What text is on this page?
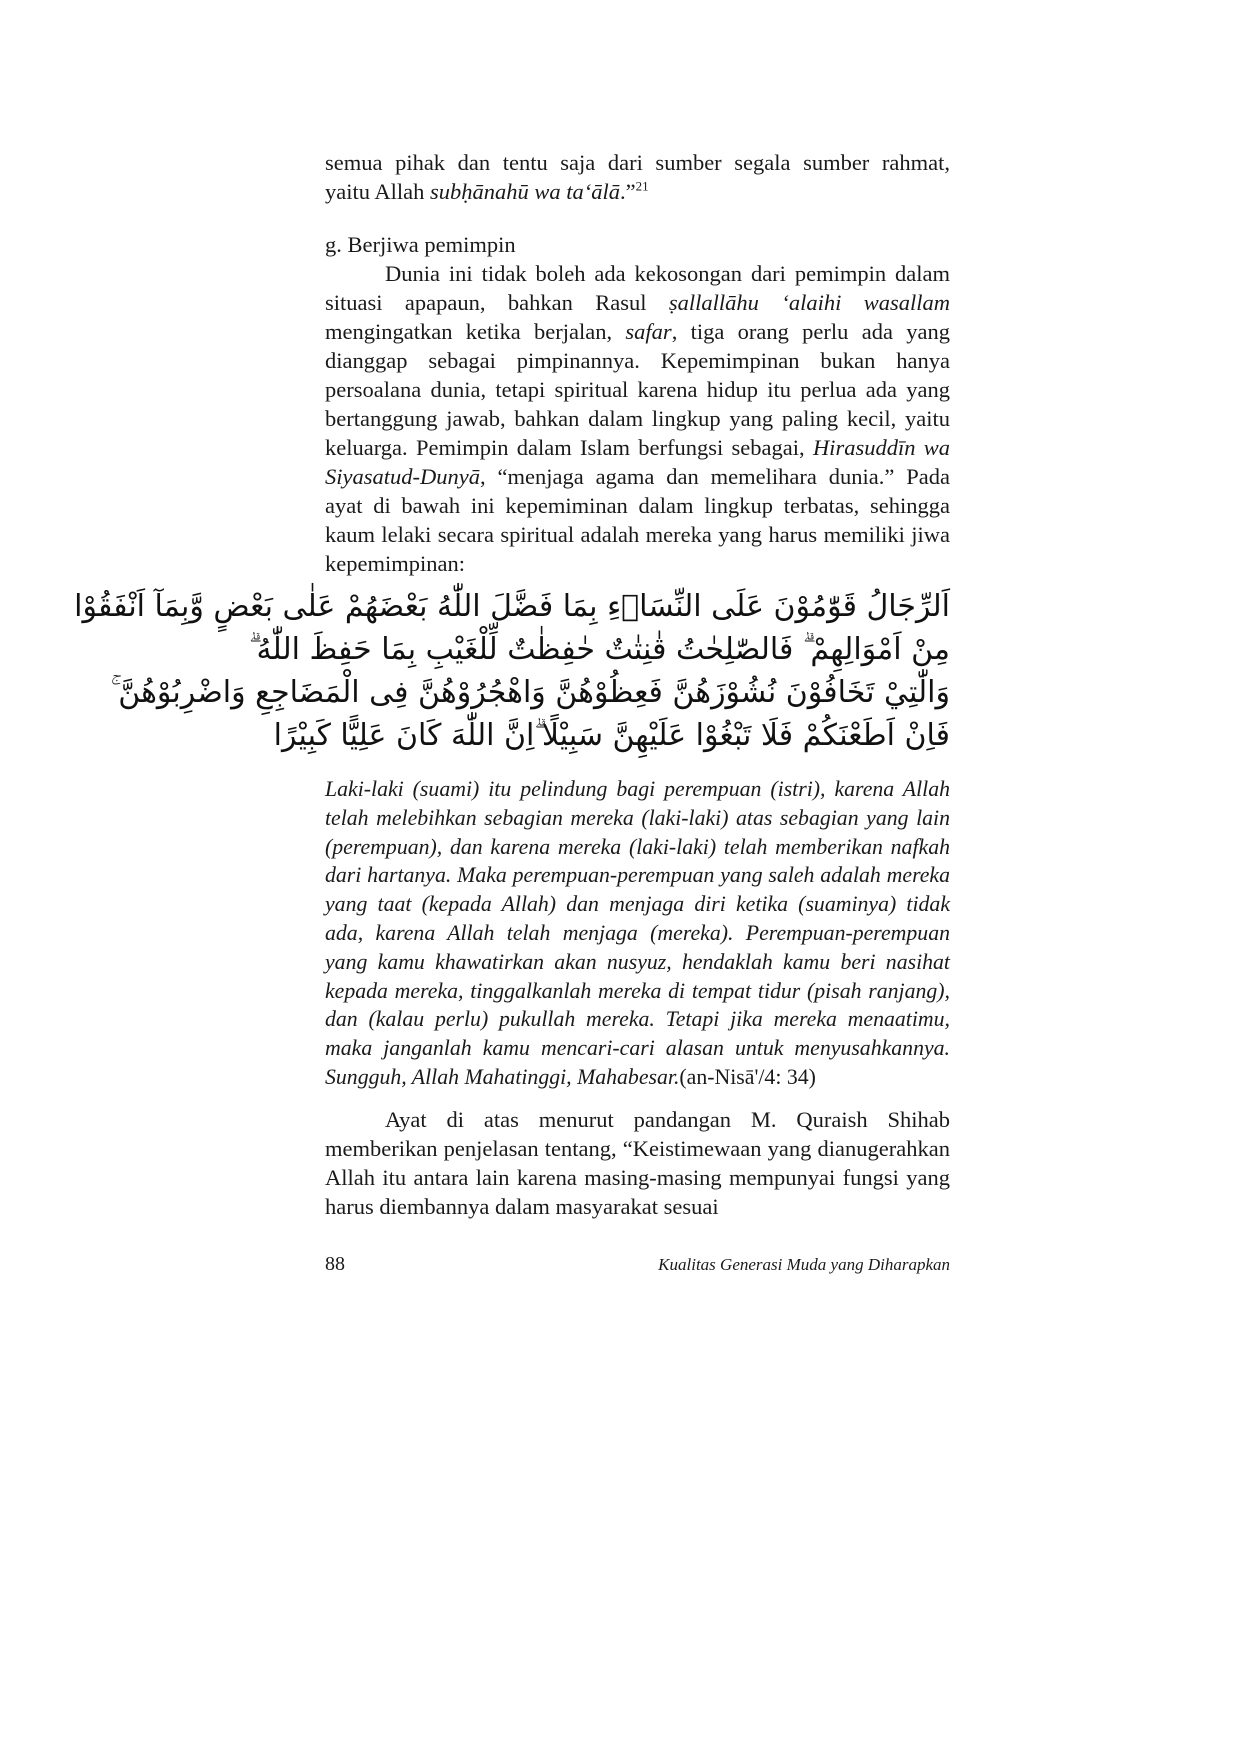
semua pihak dan tentu saja dari sumber segala sumber rahmat,

yaitu Allah subḥānahū wa ta‘ālā.”$^{21}$

g. Berjiwa pemimpin

Dunia ini tidak boleh ada kekosongan dari pemimpin dalam situasi apapaun, bahkan Rasul ṣallallāhu ‘alaihi wasallam mengingatkan ketika berjalan, safar, tiga orang perlu ada yang dianggap sebagai pimpinannya. Kepemimpinan bukan hanya persoalana dunia, tetapi spiritual karena hidup itu perlua ada yang bertanggung jawab, bahkan dalam lingkup yang paling kecil, yaitu keluarga. Pemimpin dalam Islam berfungsi sebagai, Hirasuddīn wa Siyasatud-Dunyā, “menjaga agama dan memelihara dunia.” Pada ayat di bawah ini kepemiminan dalam lingkup terbatas, sehingga kaum lelaki secara spiritual adalah mereka yang harus memiliki jiwa kepemimpinan:

اَلرِّجَالُ قَوّٰمُوْنَ عَلَى النِّسَاۤءِ بِمَا فَضَّلَ اللّٰهُ بَعْضَهُمْ عَلٰى بَعْضٍ وَّبِمَآ اَنْفَقُوْا
مِنْ اَمْوَالِهِمْ ۗ فَالصّٰلِحٰتُ قٰنِتٰتٌ حٰفِظٰتٌ لِّلْغَيْبِ بِمَا حَفِظَ اللّٰهُ ۗ
وَالّٰتِيْ تَخَافُوْنَ نُشُوْزَهُنَّ فَعِظُوْهُنَّ وَاهْجُرُوْهُنَّ فِى الْمَضَاجِعِ وَاضْرِبُوْهُنَّ ۚ
فَاِنْ اَطَعْنَكُمْ فَلَا تَبْغُوْا عَلَيْهِنَّ سَبِيْلًا ۗاِنَّ اللّٰهَ كَانَ عَلِيًّا كَبِيْرًا
Laki-laki (suami) itu pelindung bagi perempuan (istri), karena Allah telah melebihkan sebagian mereka (laki-laki) atas sebagian yang lain (perempuan), dan karena mereka (laki-laki) telah memberikan nafkah dari hartanya. Maka perempuan-perempuan yang saleh adalah mereka yang taat (kepada Allah) dan menjaga diri ketika (suaminya) tidak ada, karena Allah telah menjaga (mereka). Perempuan-perempuan yang kamu khawatirkan akan nusyuz, hendaklah kamu beri nasihat kepada mereka, tinggalkanlah mereka di tempat tidur (pisah ranjang), dan (kalau perlu) pukullah mereka. Tetapi jika mereka menaatimu, maka janganlah kamu mencari-cari alasan untuk menyusahkannya. Sungguh, Allah Mahatinggi, Mahabesar.(an-Nisā'/4: 34)

Ayat di atas menurut pandangan M. Quraish Shihab memberikan penjelasan tentang, “Keistimewaan yang dianugerahkan Allah itu antara lain karena masing-masing mempunyai fungsi yang harus diembannya dalam masyarakat sesuai

88	Kualitas Generasi Muda yang Diharapkan
